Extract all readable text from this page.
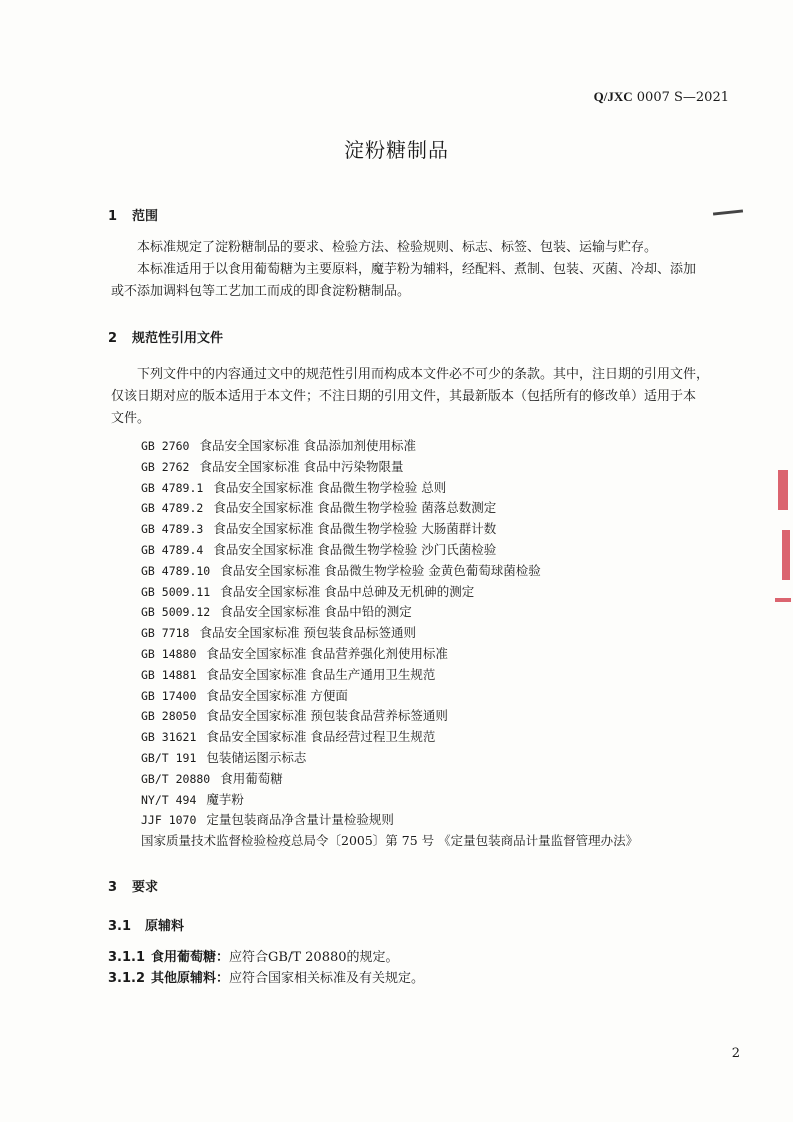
Q/JXC 0007 S—2021
淀粉糖制品
1 范围
本标准规定了淀粉糖制品的要求、检验方法、检验规则、标志、标签、包装、运输与贮存。
本标准适用于以食用葡萄糖为主要原料，魔芋粉为辅料，经配料、煮制、包装、灭菌、冷却、添加
或不添加调料包等工艺加工而成的即食淀粉糖制品。
2 规范性引用文件
下列文件中的内容通过文中的规范性引用而构成本文件必不可少的条款。其中，注日期的引用文件，
仅该日期对应的版本适用于本文件；不注日期的引用文件，其最新版本（包括所有的修改单）适用于本
文件。
GB 2760 食品安全国家标准 食品添加剂使用标准
GB 2762 食品安全国家标准 食品中污染物限量
GB 4789.1 食品安全国家标准 食品微生物学检验 总则
GB 4789.2 食品安全国家标准 食品微生物学检验 菌落总数测定
GB 4789.3 食品安全国家标准 食品微生物学检验 大肠菌群计数
GB 4789.4 食品安全国家标准 食品微生物学检验 沙门氏菌检验
GB 4789.10 食品安全国家标准 食品微生物学检验 金黄色葡萄球菌检验
GB 5009.11 食品安全国家标准 食品中总砷及无机砷的测定
GB 5009.12 食品安全国家标准 食品中铅的测定
GB 7718 食品安全国家标准 预包装食品标签通则
GB 14880 食品安全国家标准 食品营养强化剂使用标准
GB 14881 食品安全国家标准 食品生产通用卫生规范
GB 17400 食品安全国家标准 方便面
GB 28050 食品安全国家标准 预包装食品营养标签通则
GB 31621 食品安全国家标准 食品经营过程卫生规范
GB/T 191 包装储运图示标志
GB/T 20880 食用葡萄糖
NY/T 494 魔芋粉
JJF 1070 定量包装商品净含量计量检验规则
国家质量技术监督检验检疫总局令〔2005〕第 75 号 《定量包装商品计量监督管理办法》
3 要求
3.1 原辅料
3.1.1 食用葡萄糖：应符合GB/T 20880的规定。
3.1.2 其他原辅料：应符合国家相关标准及有关规定。
2
